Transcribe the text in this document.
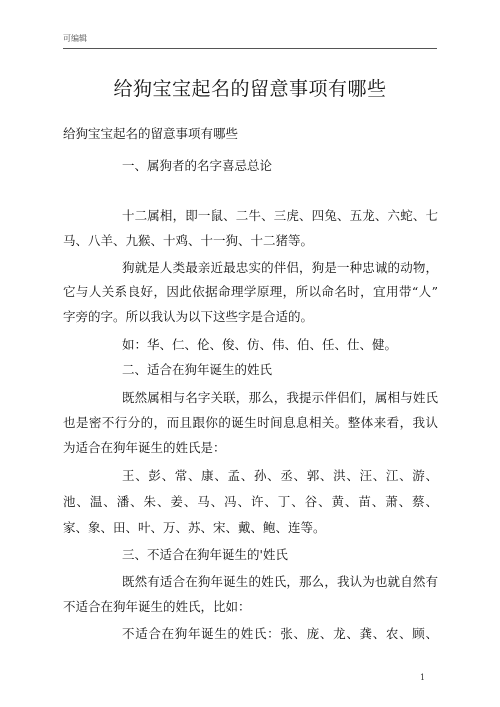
可编辑
给狗宝宝起名的留意事项有哪些
给狗宝宝起名的留意事项有哪些
一、属狗者的名字喜忌总论
十二属相，即一鼠、二牛、三虎、四兔、五龙、六蛇、七
马、八羊、九猴、十鸡、十一狗、十二猪等。
狗就是人类最亲近最忠实的伴侣，狗是一种忠诚的动物，
它与人关系良好，因此依据命理学原理，所以命名时，宜用带“人”
字旁的字。所以我认为以下这些字是合适的。
如：华、仁、伦、俊、仿、伟、伯、任、仕、健。
二、适合在狗年诞生的姓氏
既然属相与名字关联，那么，我提示伴侣们，属相与姓氏
也是密不行分的，而且跟你的诞生时间息息相关。整体来看，我认
为适合在狗年诞生的姓氏是：
王、彭、常、康、孟、孙、丞、郭、洪、汪、江、游、
池、温、潘、朱、姜、马、冯、许、丁、谷、黄、苗、萧、蔡、
家、象、田、叶、万、苏、宋、戴、鲍、连等。
三、不适合在狗年诞生的'姓氏
既然有适合在狗年诞生的姓氏，那么，我认为也就自然有
不适合在狗年诞生的姓氏，比如：
不适合在狗年诞生的姓氏：张、庞、龙、龚、农、顾、
1
